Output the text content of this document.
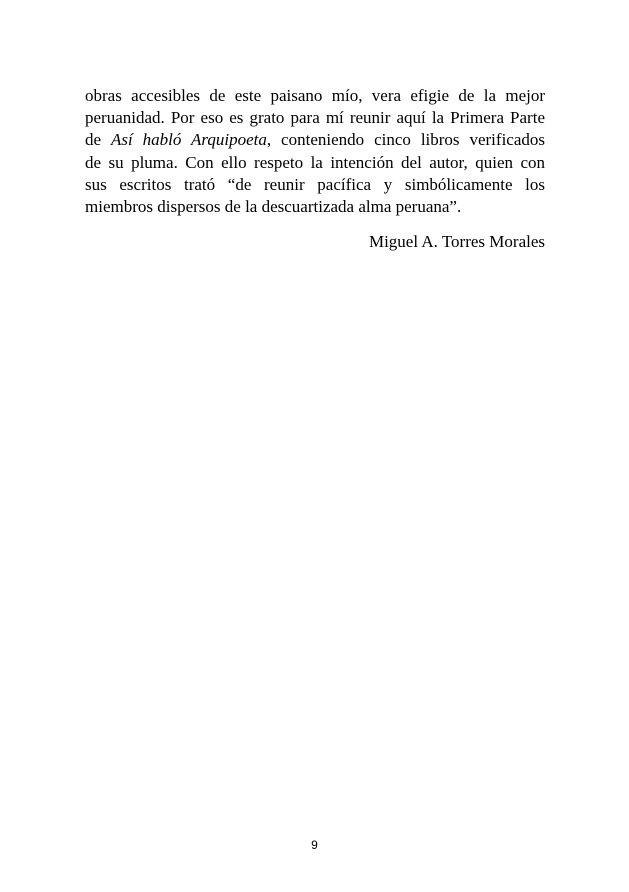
obras accesibles de este paisano mío, vera efigie de la mejor
peruanidad. Por eso es grato para mí reunir aquí la Primera Parte
de Así habló Arquipoeta, conteniendo cinco libros verificados
de su pluma. Con ello respeto la intención del autor, quien con
sus escritos trató “de reunir pacífica y simbólicamente los
miembros dispersos de la descuartizada alma peruana”.

Miguel A. Torres Morales
9
